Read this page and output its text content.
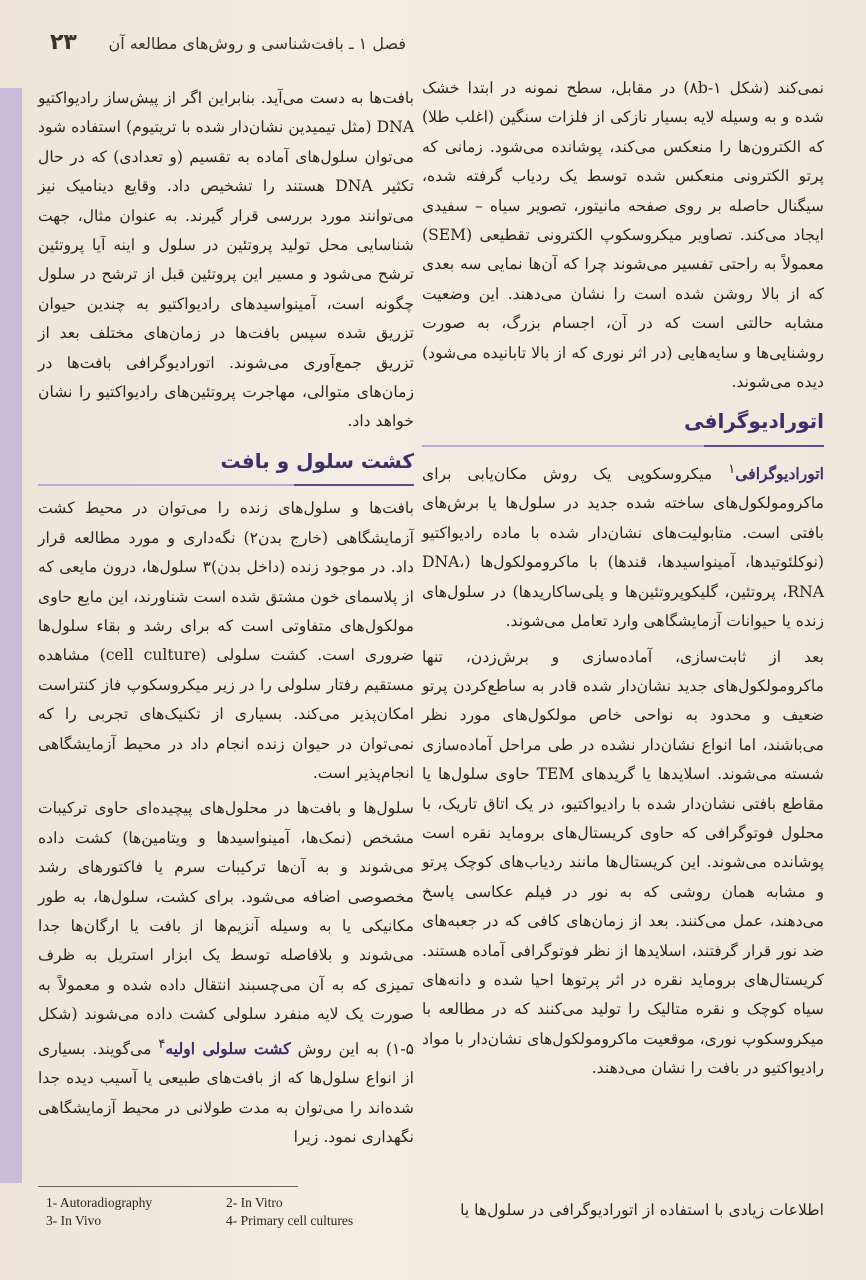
فصل ۱ ـ بافت‌شناسی و روش‌های مطالعه آن
۲۳

نمی‌کند (شکل ۸b-۱) در مقابل، سطح نمونه در ابتدا خشک شده و به وسیله لایه بسیار نازکی از فلزات سنگین (اغلب طلا) که الکترون‌ها را منعکس می‌کند، پوشانده می‌شود. زمانی که پرتو الکترونی منعکس شده توسط یک ردیاب گرفته شده، سیگنال حاصله بر روی صفحه مانیتور، تصویر سیاه – سفیدی ایجاد می‌کند. تصاویر میکروسکوپ الکترونی تقطیعی (SEM) معمولاً به راحتی تفسیر می‌شوند چرا که آن‌ها نمایی سه بعدی که از بالا روشن شده است را نشان می‌دهند. این وضعیت مشابه حالتی است که در آن، اجسام بزرگ، به صورت روشنایی‌ها و سایه‌هایی (در اثر نوری که از بالا تابانیده می‌شود) دیده می‌شوند.

اتورادیوگرافی

اتورادیوگرافی$^۱$ میکروسکوپی یک روش مکان‌یابی برای ماکرومولکول‌های ساخته شده جدید در سلول‌ها یا برش‌های بافتی است. متابولیت‌های نشان‌دار شده با ماده رادیواکتیو (نوکلئوتیدها، آمینواسیدها، قندها) با ماکرومولکول‌ها (DNA، RNA، پروتئین، گلیکوپروتئین‌ها و پلی‌ساکاریدها) در سلول‌های زنده یا حیوانات آزمایشگاهی وارد تعامل می‌شوند.

بعد از ثابت‌سازی، آماده‌سازی و برش‌زدن، تنها ماکرومولکول‌های جدید نشان‌دار شده قادر به ساطع‌کردن پرتو ضعیف و محدود به نواحی خاص مولکول‌های مورد نظر می‌باشند، اما انواع نشان‌دار نشده در طی مراحل آماده‌سازی شسته می‌شوند. اسلایدها یا گریدهای TEM حاوی سلول‌ها یا مقاطع بافتی نشان‌دار شده با رادیواکتیو، در یک اتاق تاریک، با محلول فوتوگرافی که حاوی کریستال‌های بروماید نقره است پوشانده می‌شوند. این کریستال‌ها مانند ردیاب‌های کوچک پرتو و مشابه همان روشی که به نور در فیلم عکاسی پاسخ می‌دهند، عمل می‌کنند. بعد از زمان‌های کافی که در جعبه‌های ضد نور قرار گرفتند، اسلایدها از نظر فوتوگرافی آماده هستند. کریستال‌های بروماید نقره در اثر پرتوها احیا شده و دانه‌های سیاه کوچک و نقره متالیک را تولید می‌کنند که در مطالعه با میکروسکوپ نوری، موقعیت ماکرومولکول‌های نشان‌دار با مواد رادیواکتیو در بافت را نشان می‌دهند.

اطلاعات زیادی با استفاده از اتورادیوگرافی در سلول‌ها یا

بافت‌ها به دست می‌آید. بنابراین اگر از پیش‌ساز رادیواکتیو DNA (مثل تیمیدین نشان‌دار شده با تریتیوم) استفاده شود می‌توان سلول‌های آماده به تقسیم (و تعدادی) که در حال تکثیر DNA هستند را تشخیص داد. وقایع دینامیک نیز می‌توانند مورد بررسی قرار گیرند. به عنوان مثال، جهت شناسایی محل تولید پروتئین در سلول و اینه آیا پروتئین ترشح می‌شود و مسیر این پروتئین قبل از ترشح در سلول چگونه است، آمینواسیدهای رادیواکتیو به چندین حیوان تزریق شده سپس بافت‌ها در زمان‌های مختلف بعد از تزریق جمع‌آوری می‌شوند. اتورادیوگرافی بافت‌ها در زمان‌های متوالی، مهاجرت پروتئین‌های رادیواکتیو را نشان خواهد داد.

کشت سلول و بافت

بافت‌ها و سلول‌های زنده را می‌توان در محیط کشت آزمایشگاهی (خارج بدن۲) نگه‌داری و مورد مطالعه قرار داد. در موجود زنده (داخل بدن)۳ سلول‌ها، درون مایعی که از پلاسمای خون مشتق شده است شناورند، این مایع حاوی مولکول‌های متفاوتی است که برای رشد و بقاء سلول‌ها ضروری است. کشت سلولی (cell culture) مشاهده مستقیم رفتار سلولی را در زیر میکروسکوپ فاز کنتراست امکان‌پذیر می‌کند. بسیاری از تکنیک‌های تجربی را که نمی‌توان در حیوان زنده انجام داد در محیط آزمایشگاهی انجام‌پذیر است.

سلول‌ها و بافت‌ها در محلول‌های پیچیده‌ای حاوی ترکیبات مشخص (نمک‌ها، آمینواسیدها و ویتامین‌ها) کشت داده می‌شوند و به آن‌ها ترکیبات سرم یا فاکتورهای رشد مخصوصی اضافه می‌شود. برای کشت، سلول‌ها، به طور مکانیکی یا به وسیله آنزیم‌ها از بافت یا ارگان‌ها جدا می‌شوند و بلافاصله توسط یک ابزار استریل به ظرف تمیزی که به آن می‌چسبند انتقال داده شده و معمولاً به صورت یک لایه منفرد سلولی کشت داده می‌شوند (شکل ۵-۱) به این روش کشت سلولی اولیه$^۴$ می‌گویند. بسیاری از انواع سلول‌ها که از بافت‌های طبیعی یا آسیب دیده جدا شده‌اند را می‌توان به مدت طولانی در محیط آزمایشگاهی نگهداری نمود. زیرا

1- Autoradiography	2- In Vitro
3- In Vivo	4- Primary cell cultures
